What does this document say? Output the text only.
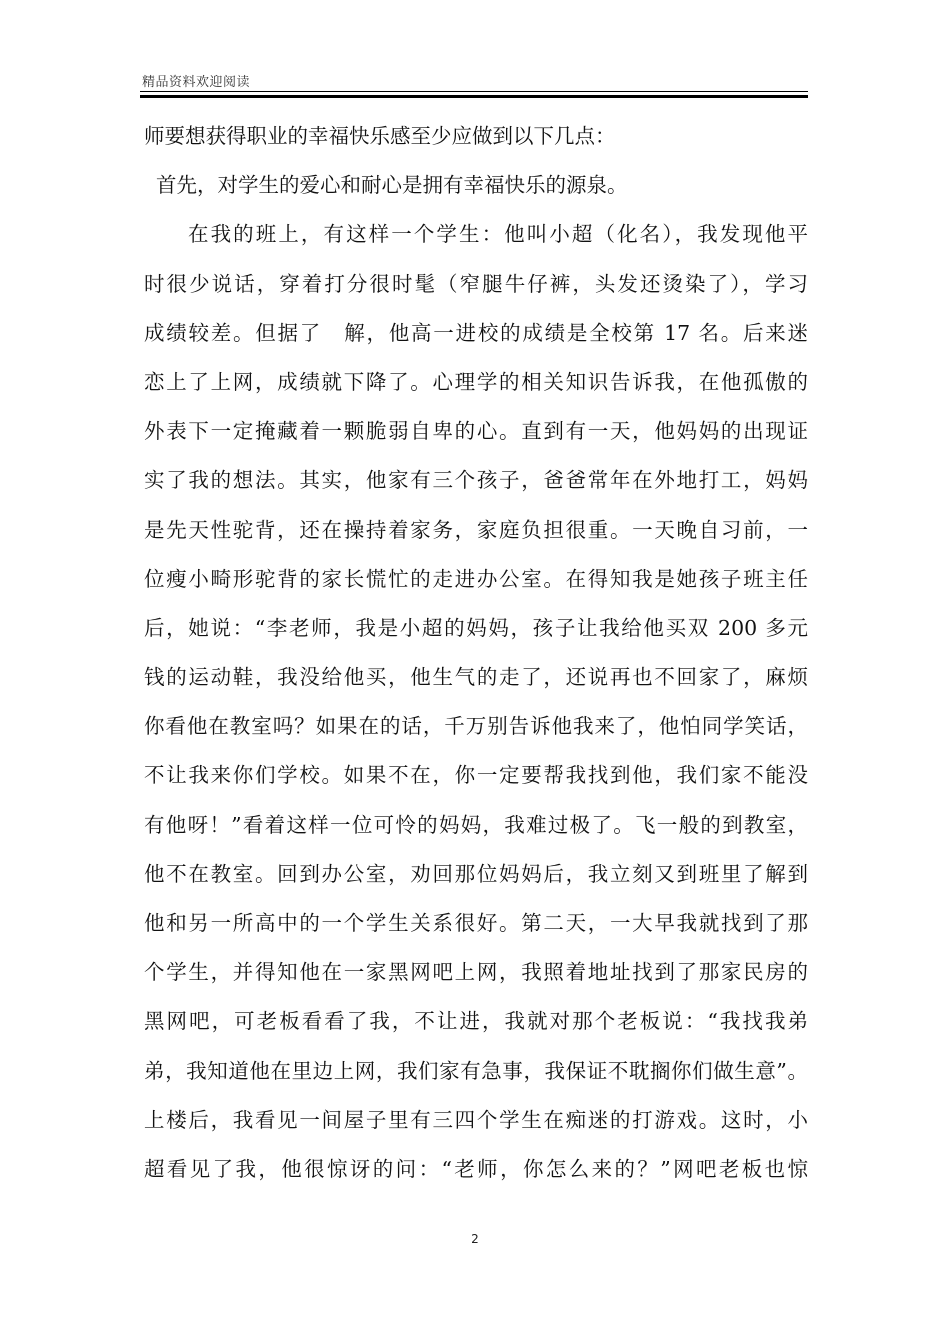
精品资料欢迎阅读
师要想获得职业的幸福快乐感至少应做到以下几点：
首先，对学生的爱心和耐心是拥有幸福快乐的源泉。
在我的班上，有这样一个学生：他叫小超（化名），我发现他平
时很少说话，穿着打分很时髦（窄腿牛仔裤，头发还烫染了），学习
成绩较差。但据了　解，他高一进校的成绩是全校第 17 名。后来迷
恋上了上网，成绩就下降了。心理学的相关知识告诉我，在他孤傲的
外表下一定掩藏着一颗脆弱自卑的心。直到有一天，他妈妈的出现证
实了我的想法。其实，他家有三个孩子，爸爸常年在外地打工，妈妈
是先天性驼背，还在操持着家务，家庭负担很重。一天晚自习前，一
位瘦小畸形驼背的家长慌忙的走进办公室。在得知我是她孩子班主任
后，她说：“李老师，我是小超的妈妈，孩子让我给他买双 200 多元
钱的运动鞋，我没给他买，他生气的走了，还说再也不回家了，麻烦
你看他在教室吗？如果在的话，千万别告诉他我来了，他怕同学笑话，
不让我来你们学校。如果不在，你一定要帮我找到他，我们家不能没
有他呀！”看着这样一位可怜的妈妈，我难过极了。飞一般的到教室，
他不在教室。回到办公室，劝回那位妈妈后，我立刻又到班里了解到
他和另一所高中的一个学生关系很好。第二天，一大早我就找到了那
个学生，并得知他在一家黑网吧上网，我照着地址找到了那家民房的
黑网吧，可老板看看了我，不让进，我就对那个老板说：“我找我弟
弟，我知道他在里边上网，我们家有急事，我保证不耽搁你们做生意”。
上楼后，我看见一间屋子里有三四个学生在痴迷的打游戏。这时，小
超看见了我，他很惊讶的问：“老师，你怎么来的？”网吧老板也惊
2
